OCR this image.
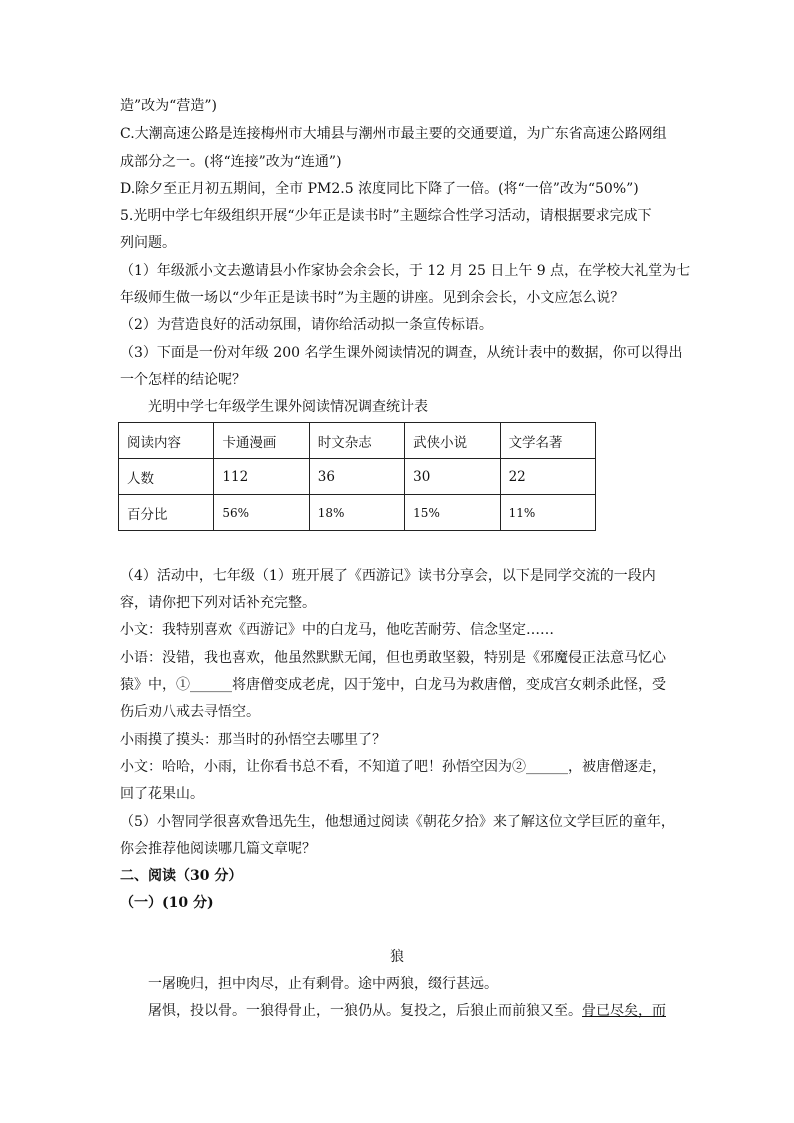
造”改为“营造”)
C.大潮高速公路是连接梅州市大埔县与潮州市最主要的交通要道，为广东省高速公路网组
成部分之一。(将“连接”改为“连通”)
D.除夕至正月初五期间，全市 PM2.5 浓度同比下降了一倍。(将“一倍”改为“50%”)
5.光明中学七年级组织开展“少年正是读书时”主题综合性学习活动，请根据要求完成下
列问题。
（1）年级派小文去邀请县小作家协会余会长，于 12 月 25 日上午 9 点，在学校大礼堂为七
年级师生做一场以“少年正是读书时”为主题的讲座。见到余会长，小文应怎么说？
（2）为营造良好的活动氛围，请你给活动拟一条宣传标语。
（3）下面是一份对年级 200 名学生课外阅读情况的调查，从统计表中的数据，你可以得出
一个怎样的结论呢？
光明中学七年级学生课外阅读情况调查统计表
阅读内容	卡通漫画	时文杂志	武侠小说	文学名著
人数	112	36	30	22
百分比	56%	18%	15%	11%
（4）活动中，七年级（1）班开展了《西游记》读书分享会，以下是同学交流的一段内
容，请你把下列对话补充完整。
小文：我特别喜欢《西游记》中的白龙马，他吃苦耐劳、信念坚定……
小语：没错，我也喜欢，他虽然默默无闻，但也勇敢坚毅，特别是《邪魔侵正法意马忆心
猿》中，①______将唐僧变成老虎，囚于笼中，白龙马为救唐僧，变成宫女刺杀此怪，受
伤后劝八戒去寻悟空。
小雨摸了摸头：那当时的孙悟空去哪里了？
小文：哈哈，小雨，让你看书总不看，不知道了吧！孙悟空因为②______，被唐僧逐走，
回了花果山。
（5）小智同学很喜欢鲁迅先生，他想通过阅读《朝花夕拾》来了解这位文学巨匠的童年，
你会推荐他阅读哪几篇文章呢？
二、阅读（30 分）
（一）(10 分)
狼
一屠晚归，担中肉尽，止有剩骨。途中两狼，缀行甚远。
屠惧，投以骨。一狼得骨止，一狼仍从。复投之，后狼止而前狼又至。骨已尽矣，而
